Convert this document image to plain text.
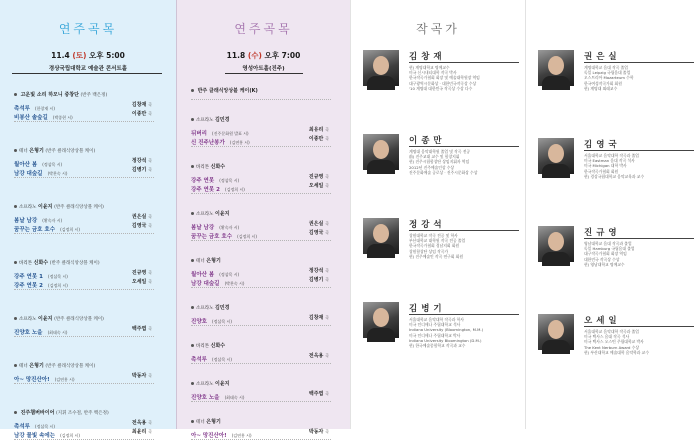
연주곡목
11.4 (토) 오후 5:00
경상국립대학교 예술관 콘서트홀
고운빛 소리 하모니 중창단 (반주 백은정)
촉석루 (한창재 시)
김창재 곡
비봉산 솔숲길 (박종현 시)
이종만 곡
테너 은형기 (반주 클래식앙상블 케이)
월아산 봄 (정삼목 시)
정강석 곡
남강 대숲길 (박찬숙 시)
김병기 곡
소프라노 이윤지 (반주 클래식앙상블 케이)
봄날 남강 (황숙자 시)
권은실 곡
꿈꾸는 금호 호수 (김정희 시)
김영국 곡
바리톤 신화수 (반주 클래식앙상블 케이)
강주 연못 1 (정삼목 시)
진규영 곡
강주 연못 2 (김정희 시)
오세일 곡
소프라노 이윤지 (반주 클래식앙상블 케이)
진양호 노을 (최태숙 시)
백주엽 곡
테너 은형기 (반주 클래식앙상블 케이)
아~ 망진산아! (김연홍 시)
박동자 곡
진주챔버바이어 (지휘 조수철, 반주 백은정)
촉석루 (정삼목 시)
전옥용 곡
남강 물빛 속에는 (김정희 시)
최윤리 곡
연주곡목
11.8 (수) 오후 7:00
영성아트홀(진주)
반주 클래식앙상블 케이(K)
소프라노 김민경
뒤버리 (진주문화원 발표 시)
최유리 곡
신 진주난봉가 (김연홍 시)
이종만 곡
바리톤 신화수
강주 연못 (정삼목 시)
진규영 곡
강주 연못 2 (김정희 시)
오세일 곡
소프라노 이윤지
봄날 남강 (황숙자 시)
권은실 곡
꿈꾸는 금호 호수 (김정희 시)
김영국 곡
테너 은형기
월아산 봄 (정삼목 시)
정강석 곡
남강 대숲길 (박찬숙 시)
김병기 곡
소프라노 김민경
진양호 (정삼목 시)
김창재 곡
바리톤 신화수
촉석루 (정삼목 시)
전옥용 곡
소프라노 이윤지
진양호 노을 (최태숙 시)
백주엽 곡
테너 은형기
아~ 망진산아! (김연홍 시)
박동자 곡
작곡가
김창재
현) 계명대학교 명예교수
미국 신시내티대학 작곡 박사
한국작곡가협회 회장 및 예술대학원장 역임
대구광역시문화상 · 대한민국작곡상 수상
'10 계명대 대한민국 작곡상 수상 다수
이종만
계명대 음악대학원 졸업 및 작곡 전공
前) 진주교대 교수 및 합창지휘
현) 진주시립합창단 상임지휘자 역임
2012년 진주예술인상 수상
진주문화예술 공로상 · 진주시문화상 수상
정강석
창원대학교 작곡 전공 및 학사
부산대학교 대학원 작곡 전공 졸업
한국작곡가협회 경남지회 회원
창원합창단 상임 작곡가
현) 진주예술인 작곡 연구회 회원
김병기
서울대학교 음악대학 작곡과 학사
미국 인디애나 주립대학교 석사
Indiana University (Bloomington, M.M.)
미국 인디애나 주립대학교 박사
Indiana University Bloomington (D.M.)
현) 한국예술종합학교 작곡과 교수
권은실
계명대학교 음대 작곡 졸업
독일 Leipzig 국립음대 졸업
오스트리아 Mozarteum 수학
한국여성작곡가회 회원
현) 계명대 외래교수
김영국
서울대학교 음악대학 작곡과 졸업
미국 Eastman 음대 작곡 석사
미국 Michigan 대학 박사
한국작곡가협회 회원
현) 경상국립대학교 음악교육과 교수
진규영
영남대학교 음대 작곡과 졸업
독일 Hamburg 국립음대 졸업
대구작곡가협회 회장 역임
대한민국 작곡상 수상
현) 영남대학교 명예교수
오세일
서울대학교 음악대학 작곡과 졸업
미국 텍사스 음대 작곡 석사
미국 텍사스 오스틴 주립대학교 박사
The Kent Nerburn Award 수상
현) 부산대학교 예술대학 음악학과 교수
